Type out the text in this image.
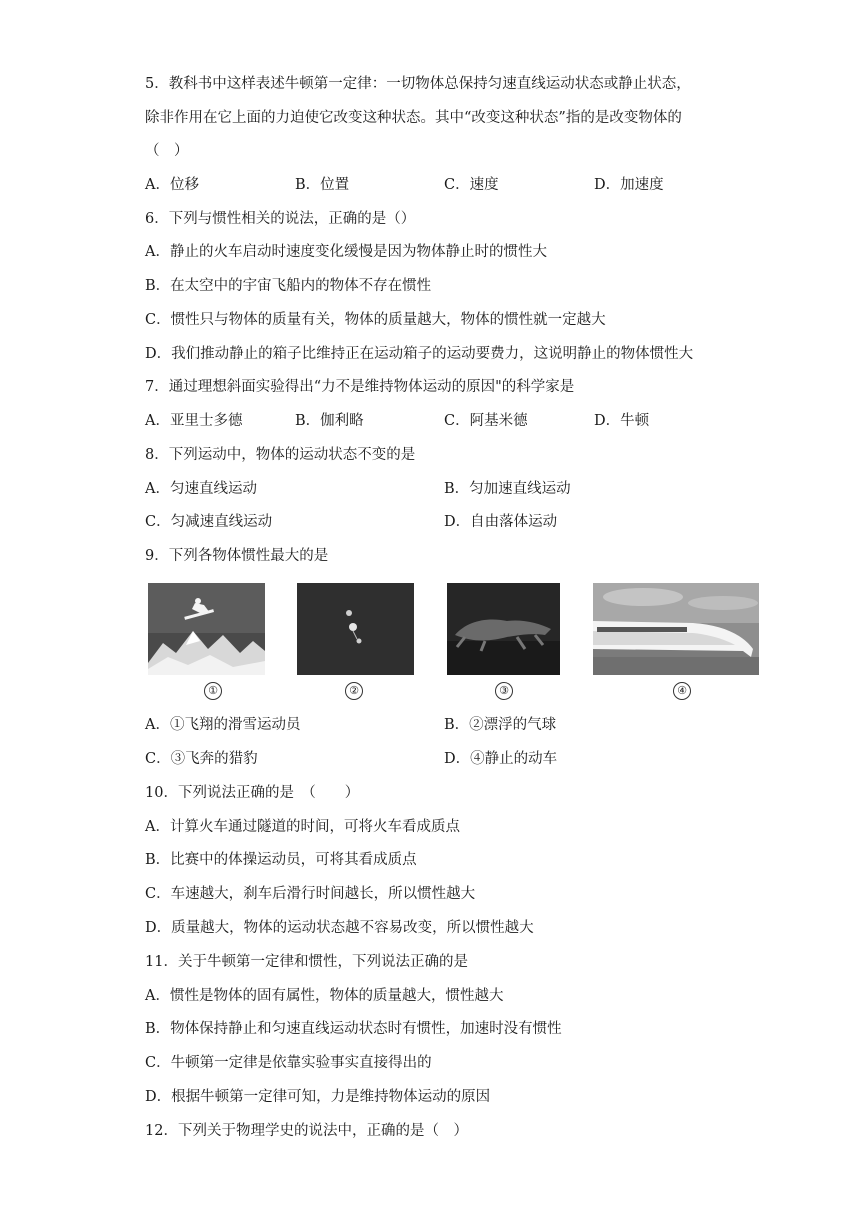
5．教科书中这样表述牛顿第一定律：一切物体总保持匀速直线运动状态或静止状态，
除非作用在它上面的力迫使它改变这种状态。其中“改变这种状态”指的是改变物体的
（　）
A．位移	B．位置	C．速度	D．加速度
6．下列与惯性相关的说法，正确的是（）
A．静止的火车启动时速度变化缓慢是因为物体静止时的惯性大
B．在太空中的宇宙飞船内的物体不存在惯性
C．惯性只与物体的质量有关，物体的质量越大，物体的惯性就一定越大
D．我们推动静止的箱子比维持正在运动箱子的运动要费力，这说明静止的物体惯性大
7．通过理想斜面实验得出“力不是维持物体运动的原因"的科学家是
A．亚里士多德	B．伽利略	C．阿基米德	D．牛顿
8．下列运动中，物体的运动状态不变的是
A．匀速直线运动	B．匀加速直线运动
C．匀减速直线运动	D．自由落体运动
9．下列各物体惯性最大的是
①	②	③	④
A．①飞翔的滑雪运动员	B．②漂浮的气球
C．③飞奔的猎豹	D．④静止的动车
10．下列说法正确的是　（　　）
A．计算火车通过隧道的时间，可将火车看成质点
B．比赛中的体操运动员，可将其看成质点
C．车速越大，刹车后滑行时间越长，所以惯性越大
D．质量越大，物体的运动状态越不容易改变，所以惯性越大
11．关于牛顿第一定律和惯性，下列说法正确的是
A．惯性是物体的固有属性，物体的质量越大，惯性越大
B．物体保持静止和匀速直线运动状态时有惯性，加速时没有惯性
C．牛顿第一定律是依靠实验事实直接得出的
D．根据牛顿第一定律可知，力是维持物体运动的原因
12．下列关于物理学史的说法中，正确的是（　）
